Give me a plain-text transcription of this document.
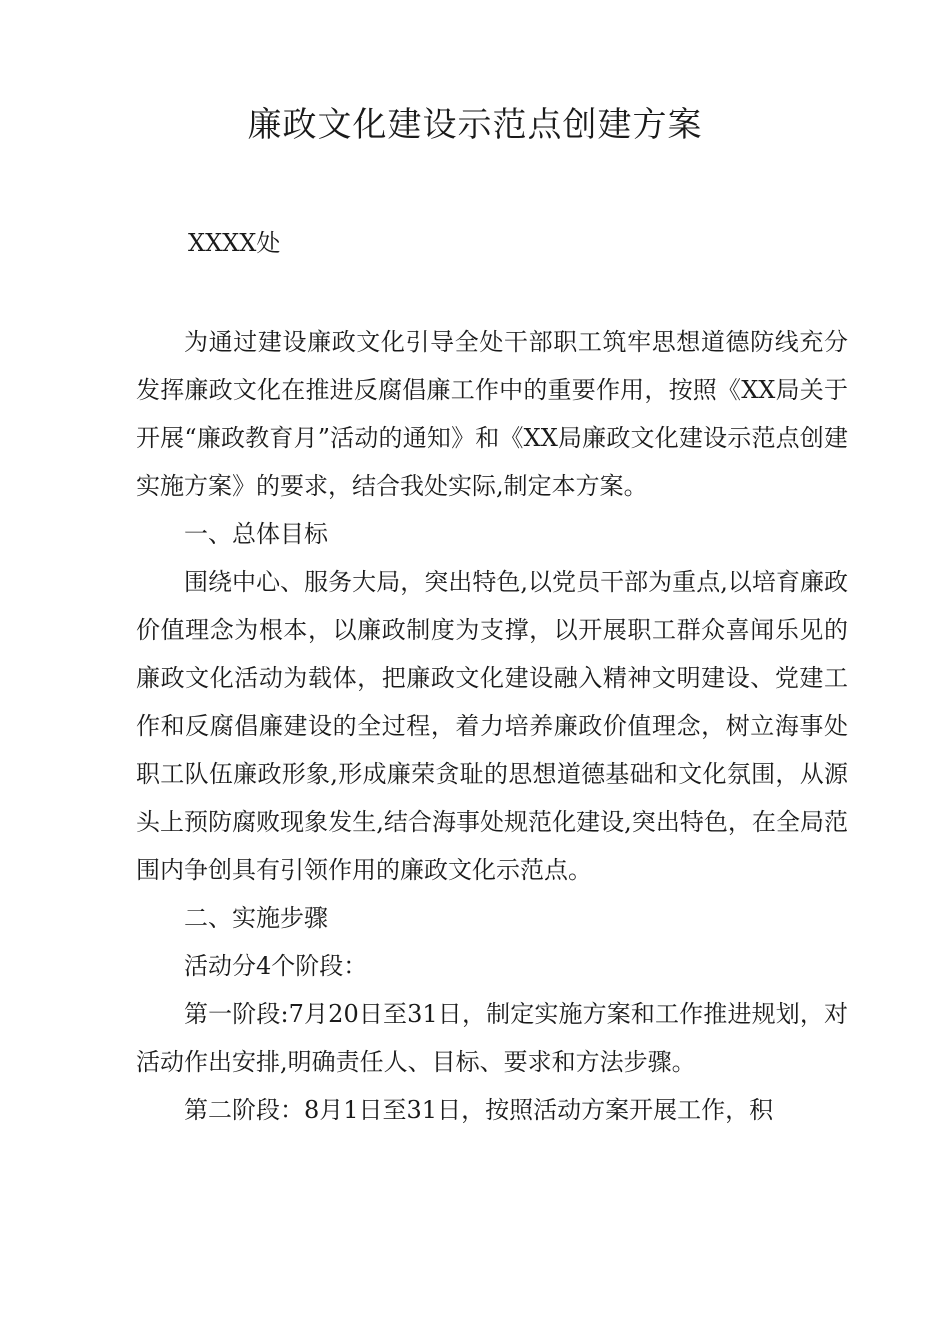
廉政文化建设示范点创建方案

XXXX处

为通过建设廉政文化引导全处干部职工筑牢思想道德防线充分发挥廉政文化在推进反腐倡廉工作中的重要作用，按照《XX局关于开展“廉政教育月”活动的通知》和《XX局廉政文化建设示范点创建实施方案》的要求，结合我处实际,制定本方案。

一、总体目标

围绕中心、服务大局，突出特色,以党员干部为重点,以培育廉政价值理念为根本，以廉政制度为支撑，以开展职工群众喜闻乐见的廉政文化活动为载体，把廉政文化建设融入精神文明建设、党建工作和反腐倡廉建设的全过程，着力培养廉政价值理念，树立海事处职工队伍廉政形象,形成廉荣贪耻的思想道德基础和文化氛围，从源头上预防腐败现象发生,结合海事处规范化建设,突出特色，在全局范围内争创具有引领作用的廉政文化示范点。

二、实施步骤

活动分4个阶段：

第一阶段:7月20日至31日，制定实施方案和工作推进规划，对活动作出安排,明确责任人、目标、要求和方法步骤。

第二阶段：8月1日至31日，按照活动方案开展工作，积
